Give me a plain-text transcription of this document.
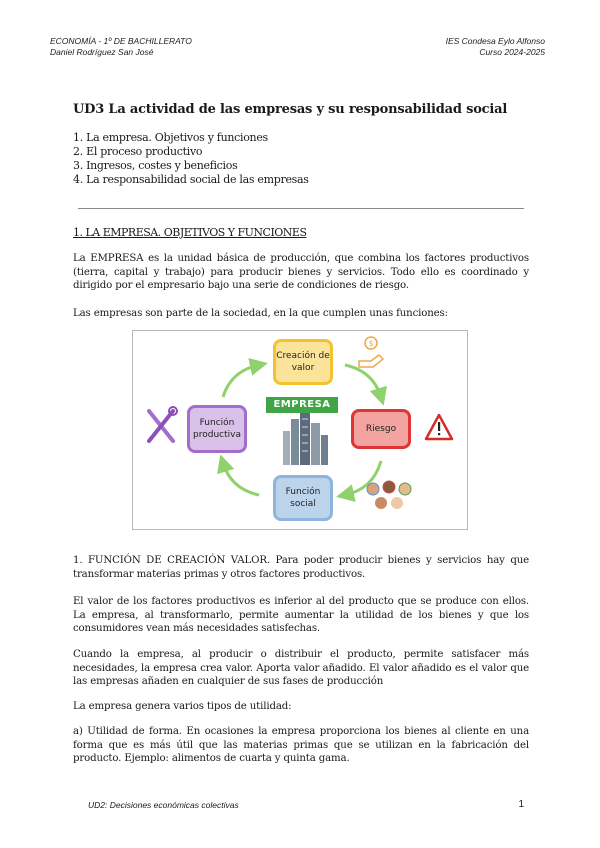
ECONOMÍA - 1º DE BACHILLERATO
Daniel Rodríguez San José
IES Condesa Eylo Alfonso
Curso 2024-2025
UD3 La actividad de las empresas y su responsabilidad social
1. La empresa. Objetivos y funciones
2. El proceso productivo
3. Ingresos, costes y beneficios
4. La responsabilidad social de las empresas
1. LA EMPRESA. OBJETIVOS Y FUNCIONES
La EMPRESA es la unidad básica de producción, que combina los factores productivos (tierra, capital y trabajo) para producir bienes y servicios. Todo ello es coordinado y dirigido por el empresario bajo una serie de condiciones de riesgo.
Las empresas son parte de la sociedad, en la que cumplen unas funciones:
Creación de valor
Riesgo
Función social
Función productiva
EMPRESA
$
1. FUNCIÓN DE CREACIÓN VALOR. Para poder producir bienes y servicios hay que transformar materias primas y otros factores productivos.
El valor de los factores productivos es inferior al del producto que se produce con ellos. La empresa, al transformarlo, permite aumentar la utilidad de los bienes y que los consumidores vean más necesidades satisfechas.
Cuando la empresa, al producir o distribuir el producto, permite satisfacer más necesidades, la empresa crea valor. Aporta valor añadido. El valor añadido es el valor que las empresas añaden en cualquier de sus fases de producción
La empresa genera varios tipos de utilidad:
a) Utilidad de forma. En ocasiones la empresa proporciona los bienes al cliente en una forma que es más útil que las materias primas que se utilizan en la fabricación del producto. Ejemplo: alimentos de cuarta y quinta gama.
UD2: Decisiones económicas colectivas	1
